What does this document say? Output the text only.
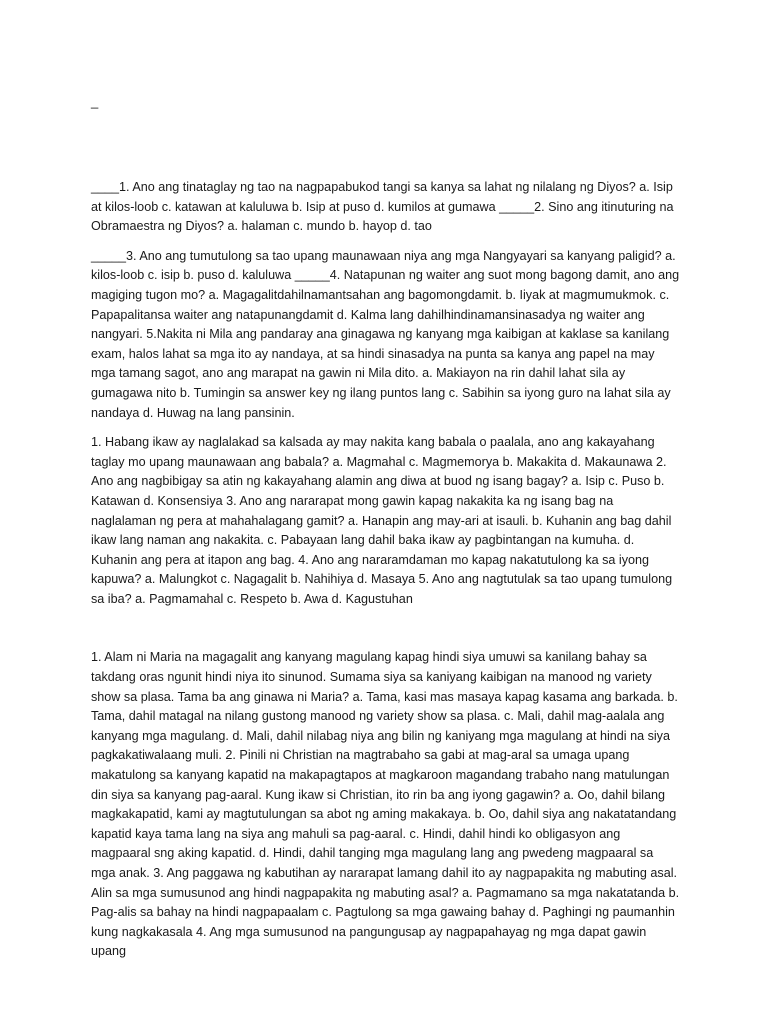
_

____1. Ano ang tinataglay ng tao na nagpapabukod tangi sa kanya sa lahat ng nilalang ng Diyos? a. Isip at kilos-loob c. katawan at kaluluwa b. Isip at puso d. kumilos at gumawa _____2. Sino ang itinuturing na Obramaestra ng Diyos? a. halaman c. mundo b. hayop d. tao

_____3. Ano ang tumutulong sa tao upang maunawaan niya ang mga Nangyayari sa kanyang paligid? a. kilos-loob c. isip b. puso d. kaluluwa _____4. Natapunan ng waiter ang suot mong bagong damit, ano ang magiging tugon mo? a. Magagalitdahilnamantsahan ang bagomongdamit. b. Iiyak at magmumukmok. c. Papapalitansa waiter ang natapunangdamit d. Kalma lang dahilhindinamansinasadya ng waiter ang nangyari. 5.Nakita ni Mila ang pandaray ana ginagawa ng kanyang mga kaibigan at kaklase sa kanilang exam, halos lahat sa mga ito ay nandaya, at sa hindi sinasadya na punta sa kanya ang papel na may mga tamang sagot, ano ang marapat na gawin ni Mila dito. a. Makiayon na rin dahil lahat sila ay gumagawa nito b. Tumingin sa answer key ng ilang puntos lang c. Sabihin sa iyong guro na lahat sila ay nandaya d. Huwag na lang pansinin.

1. Habang ikaw ay naglalakad sa kalsada ay may nakita kang babala o paalala, ano ang kakayahang taglay mo upang maunawaan ang babala? a. Magmahal c. Magmemorya b. Makakita d. Makaunawa 2. Ano ang nagbibigay sa atin ng kakayahang alamin ang diwa at buod ng isang bagay? a. Isip c. Puso b. Katawan d. Konsensiya 3. Ano ang nararapat mong gawin kapag nakakita ka ng isang bag na naglalaman ng pera at mahahalagang gamit? a. Hanapin ang may-ari at isauli. b. Kuhanin ang bag dahil ikaw lang naman ang nakakita. c. Pabayaan lang dahil baka ikaw ay pagbintangan na kumuha. d. Kuhanin ang pera at itapon ang bag. 4. Ano ang nararamdaman mo kapag nakatutulong ka sa iyong kapuwa? a. Malungkot c. Nagagalit b. Nahihiya d. Masaya 5. Ano ang nagtutulak sa tao upang tumulong sa iba? a. Pagmamahal c. Respeto b. Awa d. Kagustuhan

1. Alam ni Maria na magagalit ang kanyang magulang kapag hindi siya umuwi sa kanilang bahay sa takdang oras ngunit hindi niya ito sinunod. Sumama siya sa kaniyang kaibigan na manood ng variety show sa plasa. Tama ba ang ginawa ni Maria? a. Tama, kasi mas masaya kapag kasama ang barkada. b. Tama, dahil matagal na nilang gustong manood ng variety show sa plasa. c. Mali, dahil mag-aalala ang kanyang mga magulang. d. Mali, dahil nilabag niya ang bilin ng kaniyang mga magulang at hindi na siya pagkakatiwalaang muli. 2. Pinili ni Christian na magtrabaho sa gabi at mag-aral sa umaga upang makatulong sa kanyang kapatid na makapagtapos at magkaroon magandang trabaho nang matulungan din siya sa kanyang pag-aaral. Kung ikaw si Christian, ito rin ba ang iyong gagawin? a. Oo, dahil bilang magkakapatid, kami ay magtutulungan sa abot ng aming makakaya. b. Oo, dahil siya ang nakatatandang kapatid kaya tama lang na siya ang mahuli sa pag-aaral. c. Hindi, dahil hindi ko obligasyon ang magpaaral sng aking kapatid. d. Hindi, dahil tanging mga magulang lang ang pwedeng magpaaral sa mga anak. 3. Ang paggawa ng kabutihan ay nararapat lamang dahil ito ay nagpapakita ng mabuting asal. Alin sa mga sumusunod ang hindi nagpapakita ng mabuting asal? a. Pagmamano sa mga nakatatanda b. Pag-alis sa bahay na hindi nagpapaalam c. Pagtulong sa mga gawaing bahay d. Paghingi ng paumanhin kung nagkakasala 4. Ang mga sumusunod na pangungusap ay nagpapahayag ng mga dapat gawin upang
